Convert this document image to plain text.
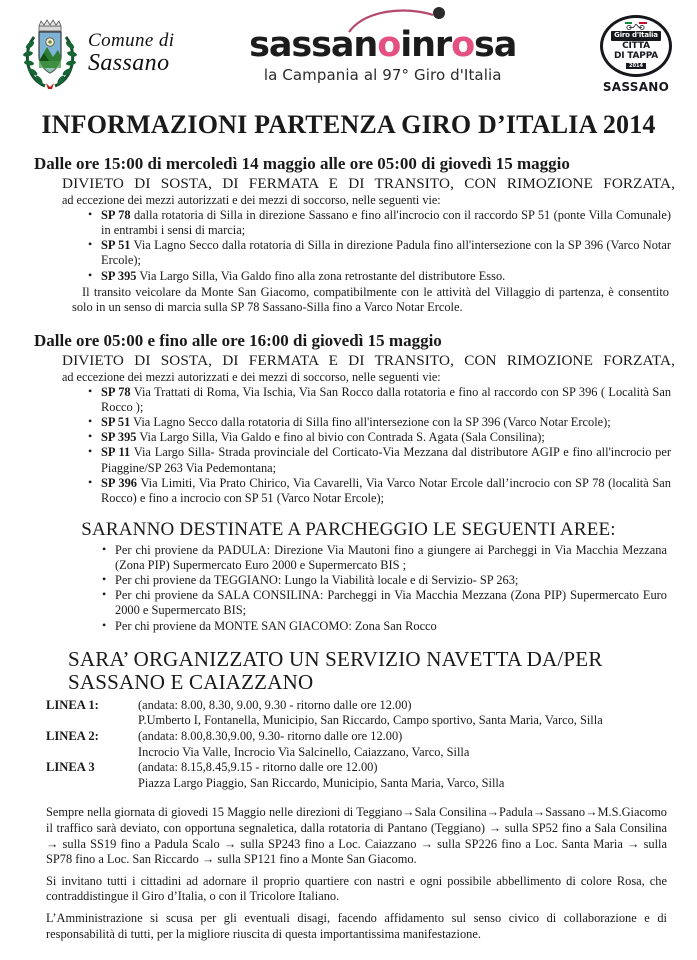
Comune di
Sassano sassanoinrosa
la Campania al 97° Giro d'Italia
Giro d'Italia
CITTÀ
DI TAPPA
2014
SASSANO
INFORMAZIONI PARTENZA GIRO D’ITALIA 2014
Dalle ore 15:00 di mercoledì 14 maggio alle ore 05:00 di giovedì 15 maggio
DIVIETO DI SOSTA, DI FERMATA E DI TRANSITO, CON RIMOZIONE FORZATA,
ad eccezione dei mezzi autorizzati e dei mezzi di soccorso, nelle seguenti vie:
• SP 78 dalla rotatoria di Silla in direzione Sassano e fino all'incrocio con il raccordo SP 51 (ponte Villa Comunale) in entrambi i sensi di marcia;
• SP 51 Via Lagno Secco dalla rotatoria di Silla in direzione Padula fino all'intersezione con la SP 396 (Varco Notar Ercole);
• SP 395 Via Largo Silla, Via Galdo fino alla zona retrostante del distributore Esso.
Il transito veicolare da Monte San Giacomo, compatibilmente con le attività del Villaggio di partenza, è consentito solo in un senso di marcia sulla SP 78 Sassano-Silla fino a Varco Notar Ercole.
Dalle ore 05:00 e fino alle ore 16:00 di giovedì 15 maggio
DIVIETO DI SOSTA, DI FERMATA E DI TRANSITO, CON RIMOZIONE FORZATA,
ad eccezione dei mezzi autorizzati e dei mezzi di soccorso, nelle seguenti vie:
• SP 78 Via Trattati di Roma, Via Ischia, Via San Rocco dalla rotatoria e fino al raccordo con SP 396 ( Località San Rocco );
• SP 51 Via Lagno Secco dalla rotatoria di Silla fino all'intersezione con la SP 396 (Varco Notar Ercole);
• SP 395 Via Largo Silla, Via Galdo e fino al bivio con Contrada S. Agata (Sala Consilina);
• SP 11 Via Largo Silla- Strada provinciale del Corticato-Via Mezzana dal distributore AGIP e fino all'incrocio per Piaggine/SP 263 Via Pedemontana;
• SP 396 Via Limiti, Via Prato Chirico, Via Cavarelli, Via Varco Notar Ercole dall’incrocio con SP 78 (località San Rocco) e fino a incrocio con SP 51 (Varco Notar Ercole);
SARANNO DESTINATE A PARCHEGGIO LE SEGUENTI AREE:
• Per chi proviene da PADULA: Direzione Via Mautoni fino a giungere ai Parcheggi in Via Macchia Mezzana (Zona PIP) Supermercato Euro 2000 e Supermercato BIS ;
• Per chi proviene da TEGGIANO: Lungo la Viabilità locale e di Servizio- SP 263;
• Per chi proviene da SALA CONSILINA: Parcheggi in Via Macchia Mezzana (Zona PIP) Supermercato Euro 2000 e Supermercato BIS;
• Per chi proviene da MONTE SAN GIACOMO: Zona San Rocco
SARA’ ORGANIZZATO UN SERVIZIO NAVETTA DA/PER
SASSANO E CAIAZZANO
LINEA 1:	(andata: 8.00, 8.30, 9.00, 9.30 - ritorno dalle ore 12.00)
P.Umberto I, Fontanella, Municipio, San Riccardo, Campo sportivo, Santa Maria, Varco, Silla
LINEA 2:	(andata: 8.00,8.30,9.00, 9.30- ritorno dalle ore 12.00)
Incrocio Via Valle, Incrocio Via Salcinello, Caiazzano, Varco, Silla
LINEA 3	(andata: 8.15,8.45,9.15 - ritorno dalle ore 12.00)
Piazza Largo Piaggio, San Riccardo, Municipio, Santa Maria, Varco, Silla

Sempre nella giornata di giovedi 15 Maggio nelle direzioni di Teggiano→Sala Consilina→Padula→Sassano→M.S.Giacomo il traffico sarà deviato, con opportuna segnaletica, dalla rotatoria di Pantano (Teggiano) → sulla SP52 fino a Sala Consilina → sulla SS19 fino a Padula Scalo → sulla SP243 fino a Loc. Caiazzano → sulla SP226 fino a Loc. Santa Maria → sulla SP78 fino a Loc. San Riccardo → sulla SP121 fino a Monte San Giacomo.

Si invitano tutti i cittadini ad adornare il proprio quartiere con nastri e ogni possibile abbellimento di colore Rosa, che contraddistingue il Giro d’Italia, o con il Tricolore Italiano.

L’Amministrazione si scusa per gli eventuali disagi, facendo affidamento sul senso civico di collaborazione e di responsabilità di tutti, per la migliore riuscita di questa importantissima manifestazione.
